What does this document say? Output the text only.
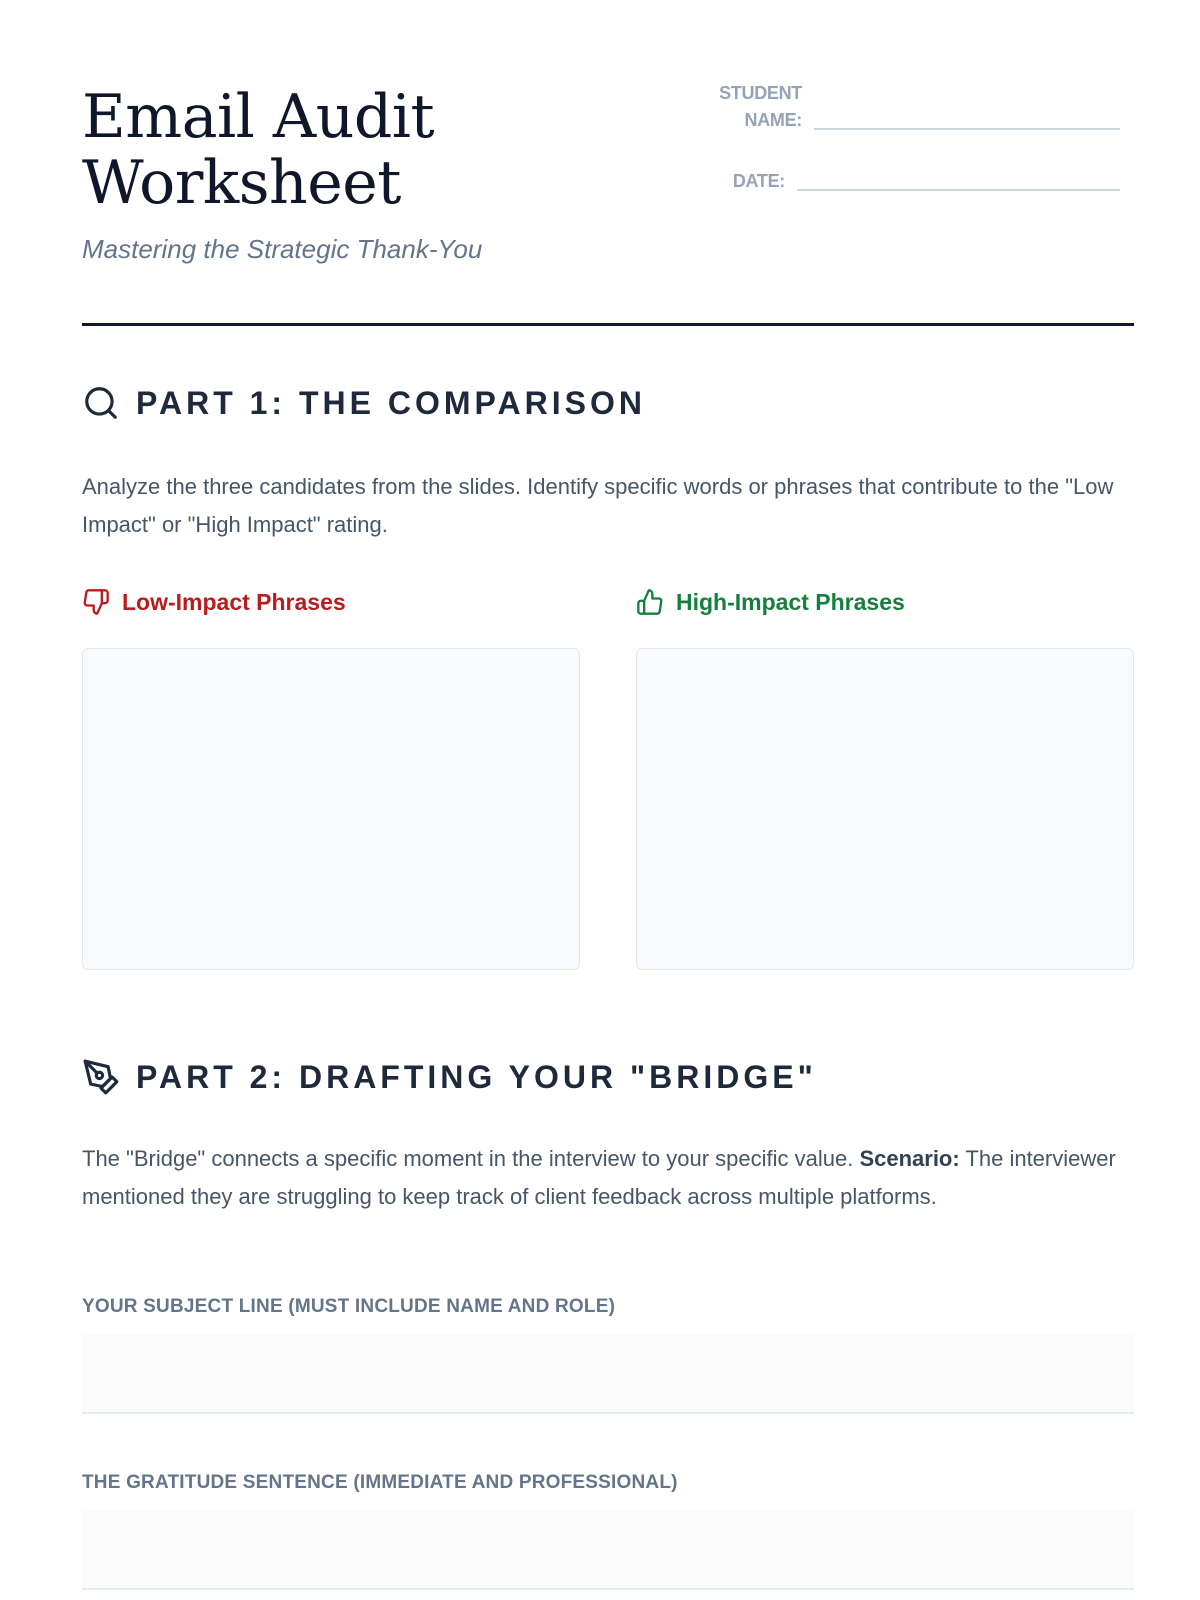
Email Audit Worksheet
Mastering the Strategic Thank-You
STUDENT NAME:
DATE:
PART 1: THE COMPARISON

Analyze the three candidates from the slides. Identify specific words or phrases that contribute to the "Low Impact" or "High Impact" rating.

Low-Impact Phrases	High-Impact Phrases
PART 2: DRAFTING YOUR "BRIDGE"

The "Bridge" connects a specific moment in the interview to your specific value. Scenario: The interviewer mentioned they are struggling to keep track of client feedback across multiple platforms.

YOUR SUBJECT LINE (MUST INCLUDE NAME AND ROLE)
THE GRATITUDE SENTENCE (IMMEDIATE AND PROFESSIONAL)
